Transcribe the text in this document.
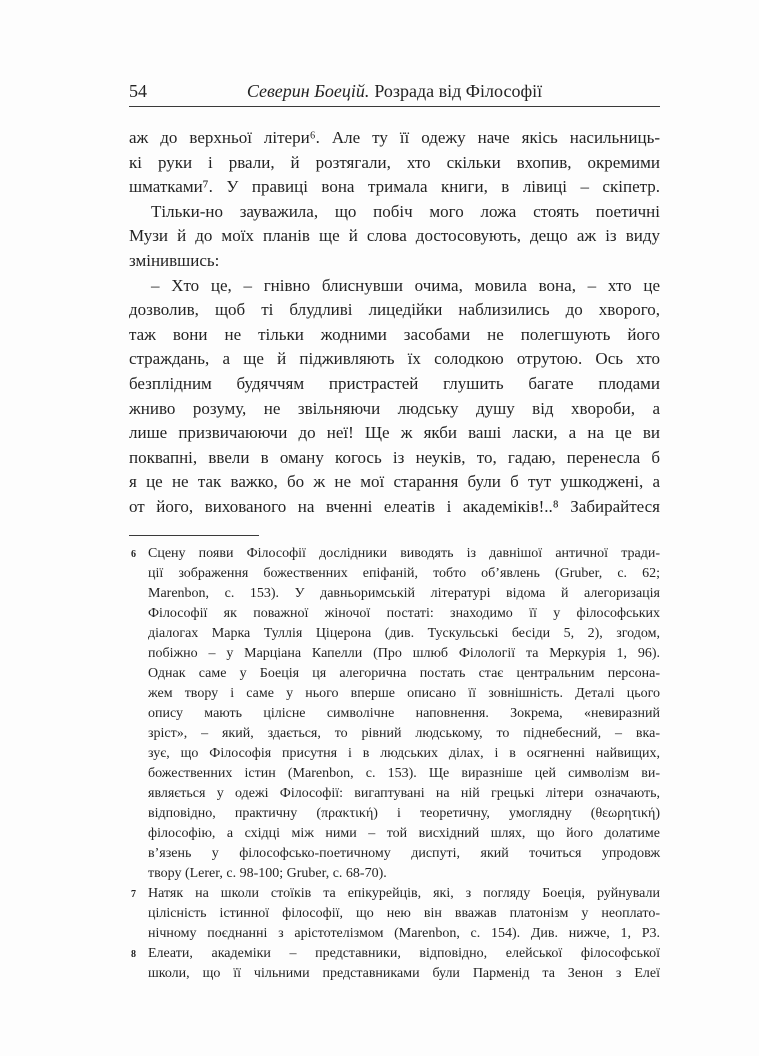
54	Северин Боецій. Розрада від Філософії
аж до верхньої літери⁶. Але ту її одежу наче якісь насильниць-
кі руки і рвали, й розтягали, хто скільки вхопив, окремими
шматками⁷. У правиці вона тримала книги, в лівиці – скіпетр.
Тільки-но зауважила, що побіч мого ложа стоять поетичні
Музи й до моїх планів ще й слова достосовують, дещо аж із виду
змінившись:
– Хто це, – гнівно блиснувши очима, мовила вона, – хто це
дозволив, щоб ті блудливі лицедійки наблизились до хворого,
таж вони не тільки жодними засобами не полегшують його
страждань, а ще й підживляють їх солодкою отрутою. Ось хто
безплідним будяччям пристрастей глушить багате плодами
жниво розуму, не звільняючи людську душу від хвороби, а
лише призвичаюючи до неї! Ще ж якби ваші ласки, а на це ви
поквапні, ввели в оману когось із неуків, то, гадаю, перенесла б
я це не так важко, бо ж не мої старання були б тут ушкоджені, а
от його, вихованого на вченні елеатів і академіків!..⁸ Забирайтеся
6 Сцену появи Філософії дослідники виводять із давнішої античної тради-
ції зображення божественних епіфаній, тобто об’явлень (Gruber, с. 62;
Marenbon, с. 153). У давньоримській літературі відома й алегоризація
Філософії як поважної жіночої постаті: знаходимо її у філософських
діалогах Марка Туллія Ціцерона (див. Тускульські бесіди 5, 2), згодом,
побіжно – у Марціана Капелли (Про шлюб Філології та Меркурія 1, 96).
Однак саме у Боеція ця алегорична постать стає центральним персона-
жем твору і саме у нього вперше описано її зовнішність. Деталі цього
опису мають цілісне символічне наповнення. Зокрема, «невиразний
зріст», – який, здається, то рівний людському, то піднебесний, – вка-
зує, що Філософія присутня і в людських ділах, і в осягненні найвищих,
божественних істин (Marenbon, с. 153). Ще виразніше цей символізм ви-
являється у одежі Філософії: вигаптувані на ній грецькі літери означають,
відповідно, практичну (πρακτική) і теоретичну, умоглядну (θεωρητική)
філософію, а східці між ними – той висхідний шлях, що його долатиме
в’язень у філософсько-поетичному диспуті, який точиться упродовж
твору (Lerer, с. 98-100; Gruber, с. 68-70).
7 Натяк на школи стоїків та епікурейців, які, з погляду Боеція, руйнували
цілісність істинної філософії, що нею він вважав платонізм у неоплато-
нічному поєднанні з арістотелізмом (Marenbon, с. 154). Див. нижче, 1, Р3.
8 Елеати, академіки – представники, відповідно, елейської філософської
школи, що її чільними представниками були Парменід та Зенон з Елеї
